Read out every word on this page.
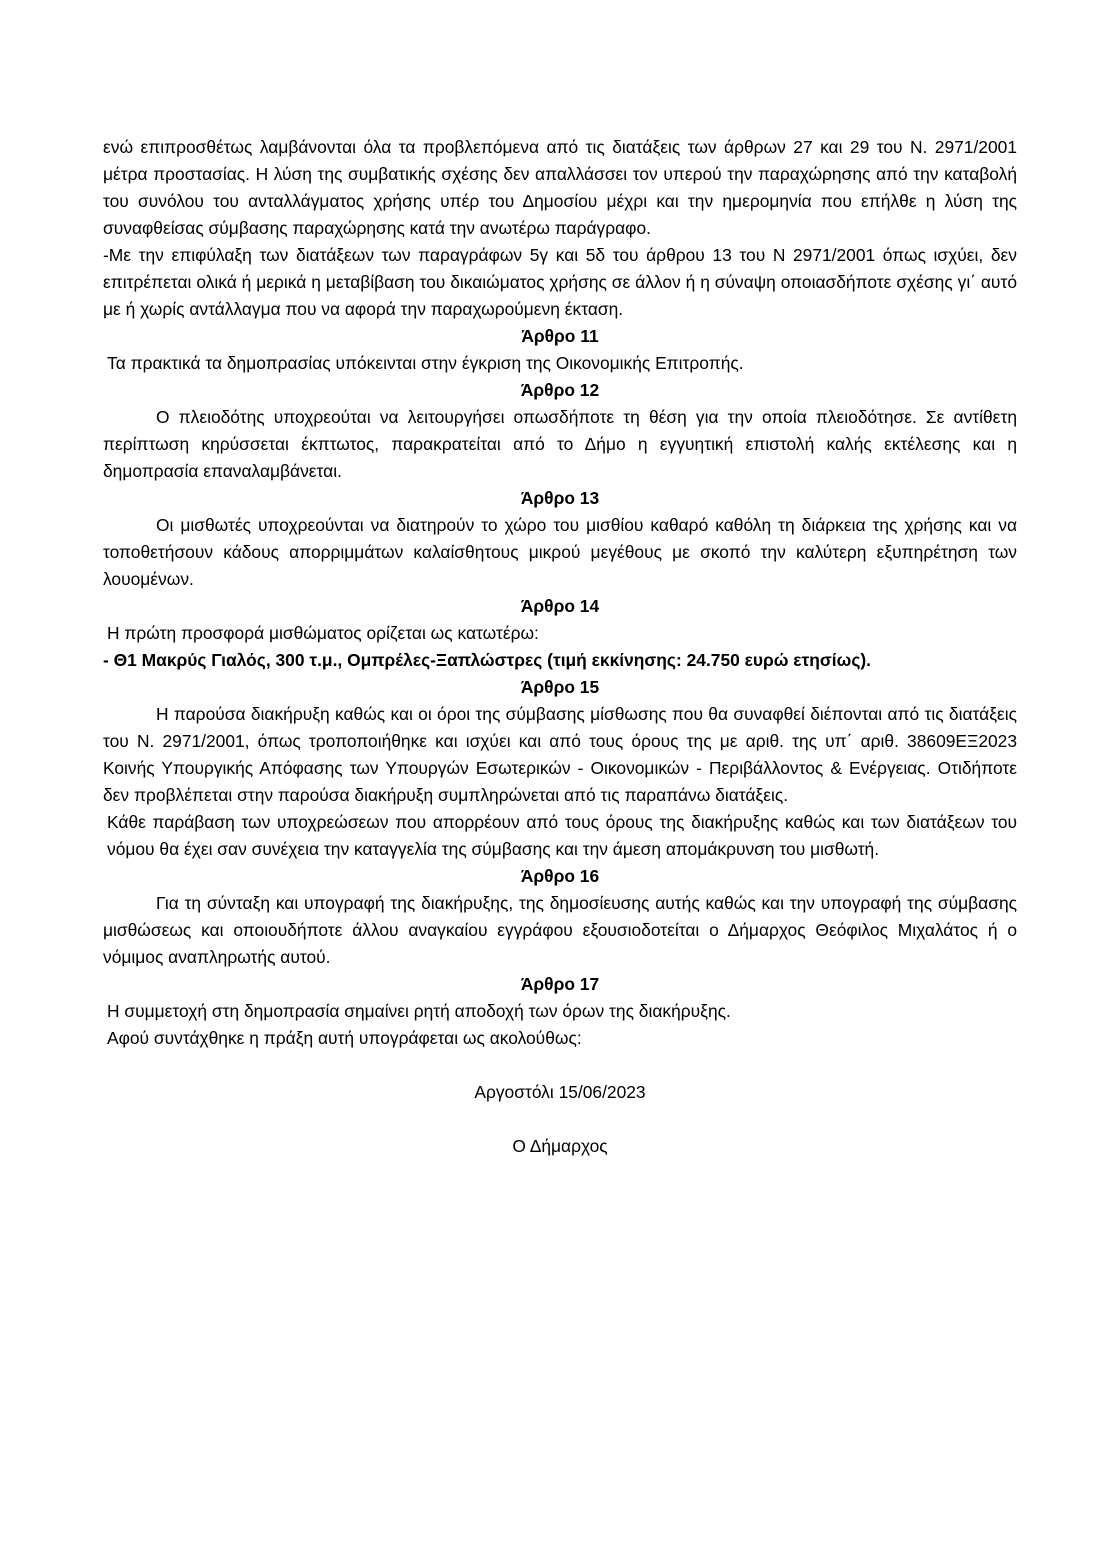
ενώ επιπροσθέτως λαμβάνονται όλα τα προβλεπόμενα από τις διατάξεις των άρθρων 27 και 29 του Ν. 2971/2001 μέτρα προστασίας. Η λύση της συμβατικής σχέσης δεν απαλλάσσει τον υπερού την παραχώρησης από την καταβολή του συνόλου του ανταλλάγματος χρήσης υπέρ του Δημοσίου μέχρι και την ημερομηνία που επήλθε η λύση της συναφθείσας σύμβασης παραχώρησης κατά την ανωτέρω παράγραφο.

-Με την επιφύλαξη των διατάξεων των παραγράφων 5γ και 5δ του άρθρου 13 του Ν 2971/2001 όπως ισχύει, δεν επιτρέπεται ολικά ή μερικά η μεταβίβαση του δικαιώματος χρήσης σε άλλον ή η σύναψη οποιασδήποτε σχέσης γι΄ αυτό με ή χωρίς αντάλλαγμα που να αφορά την παραχωρούμενη έκταση.

Άρθρο 11

Τα πρακτικά τα δημοπρασίας υπόκεινται στην έγκριση της Οικονομικής Επιτροπής.

Άρθρο 12

Ο πλειοδότης υποχρεούται να λειτουργήσει οπωσδήποτε τη θέση για την οποία πλειοδότησε. Σε αντίθετη περίπτωση κηρύσσεται έκπτωτος, παρακρατείται από το Δήμο η εγγυητική επιστολή καλής εκτέλεσης και η δημοπρασία επαναλαμβάνεται.

Άρθρο 13

Οι μισθωτές υποχρεούνται να διατηρούν το χώρο του μισθίου καθαρό καθόλη τη διάρκεια της χρήσης και να τοποθετήσουν κάδους απορριμμάτων καλαίσθητους μικρού μεγέθους με σκοπό την καλύτερη εξυπηρέτηση των λουομένων.

Άρθρο 14

Η πρώτη προσφορά μισθώματος ορίζεται ως κατωτέρω:

- Θ1 Μακρύς Γιαλός, 300 τ.μ., Ομπρέλες-Ξαπλώστρες (τιμή εκκίνησης: 24.750 ευρώ ετησίως).

Άρθρο 15

Η παρούσα διακήρυξη καθώς και οι όροι της σύμβασης μίσθωσης που θα συναφθεί διέπονται από τις διατάξεις του Ν. 2971/2001, όπως τροποποιήθηκε και ισχύει και από τους όρους της με αριθ. της υπ΄ αριθ. 38609ΕΞ2023 Κοινής Υπουργικής Απόφασης των Υπουργών Εσωτερικών - Οικονομικών - Περιβάλλοντος & Ενέργειας. Οτιδήποτε δεν προβλέπεται στην παρούσα διακήρυξη συμπληρώνεται από τις παραπάνω διατάξεις.

Κάθε παράβαση των υποχρεώσεων που απορρέουν από τους όρους της διακήρυξης καθώς και των διατάξεων του νόμου θα έχει σαν συνέχεια την καταγγελία της σύμβασης και την άμεση απομάκρυνση του μισθωτή.

Άρθρο 16

Για τη σύνταξη και υπογραφή της διακήρυξης, της δημοσίευσης αυτής καθώς και την υπογραφή της σύμβασης μισθώσεως και οποιουδήποτε άλλου αναγκαίου εγγράφου εξουσιοδοτείται ο Δήμαρχος Θεόφιλος Μιχαλάτος ή ο νόμιμος αναπληρωτής αυτού.

Άρθρο 17

Η συμμετοχή στη δημοπρασία σημαίνει ρητή αποδοχή των όρων της διακήρυξης.

Αφού συντάχθηκε η πράξη αυτή υπογράφεται ως ακολούθως:

Αργοστόλι 15/06/2023

Ο Δήμαρχος
